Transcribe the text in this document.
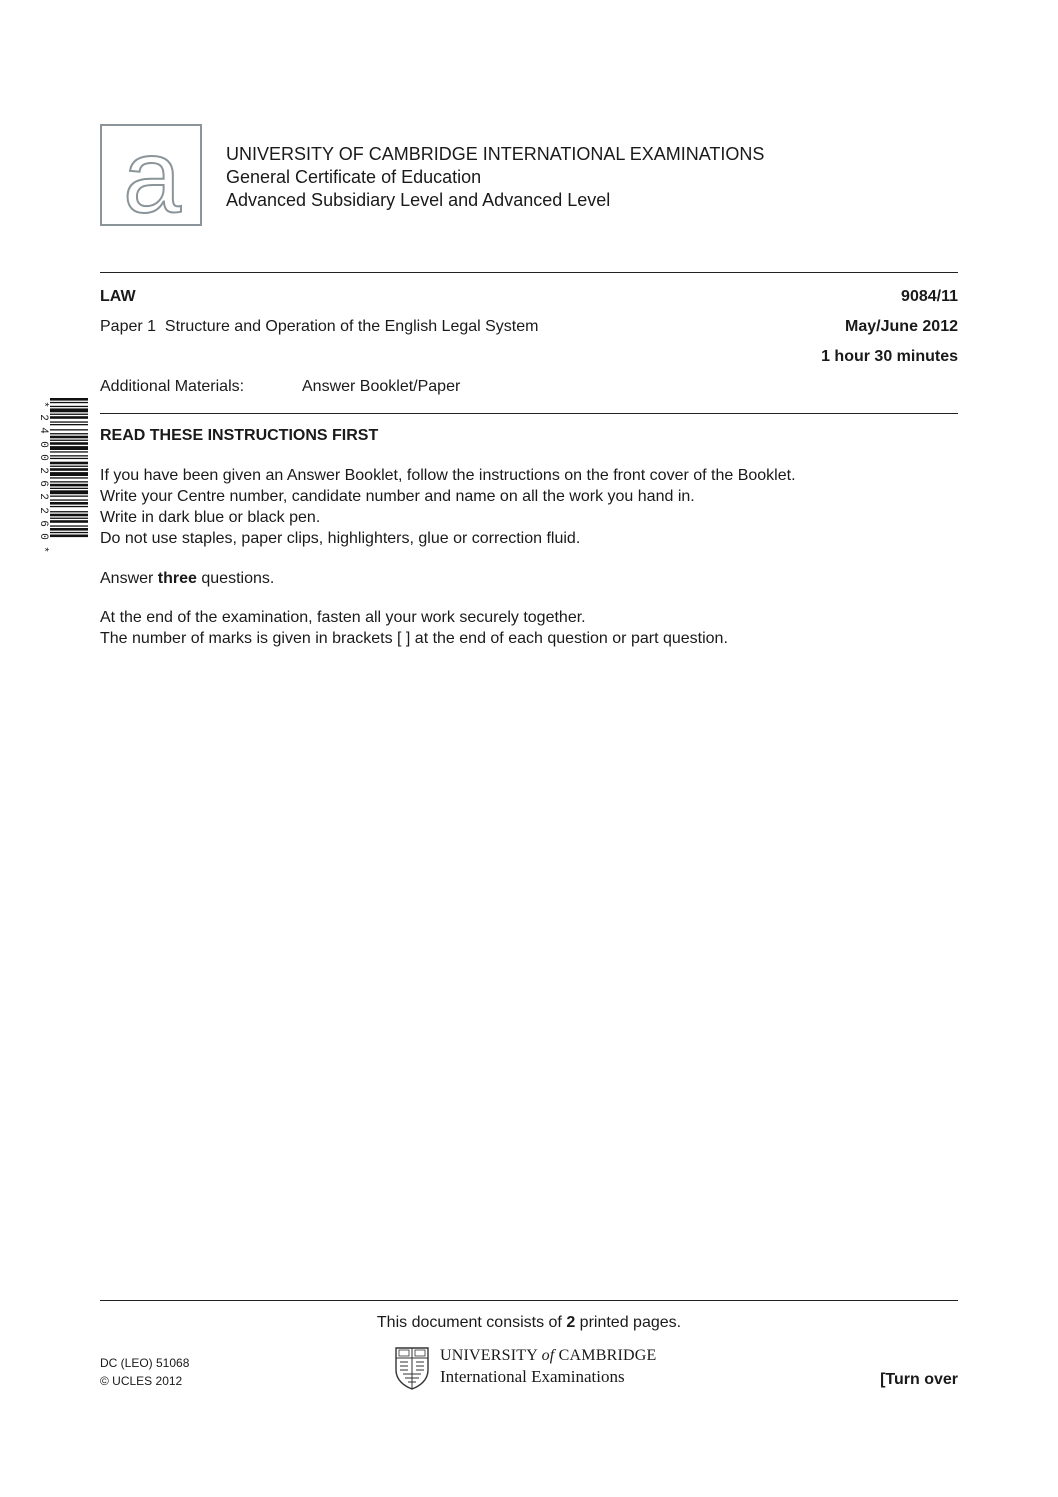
a	UNIVERSITY OF CAMBRIDGE INTERNATIONAL EXAMINATIONS
General Certificate of Education
Advanced Subsidiary Level and Advanced Level
LAW	9084/11
Paper 1  Structure and Operation of the English Legal System	May/June 2012
1 hour 30 minutes
Additional Materials:	Answer Booklet/Paper
*
2
4
0
0
2
6
2
2
6
0
*
READ THESE INSTRUCTIONS FIRST
If you have been given an Answer Booklet, follow the instructions on the front cover of the Booklet.
Write your Centre number, candidate number and name on all the work you hand in.
Write in dark blue or black pen.
Do not use staples, paper clips, highlighters, glue or correction fluid.
Answer three questions.
At the end of the examination, fasten all your work securely together.
The number of marks is given in brackets [ ] at the end of each question or part question.
This document consists of 2 printed pages.
DC (LEO) 51068
© UCLES 2012
UNIVERSITY of CAMBRIDGE
International Examinations	[Turn over
